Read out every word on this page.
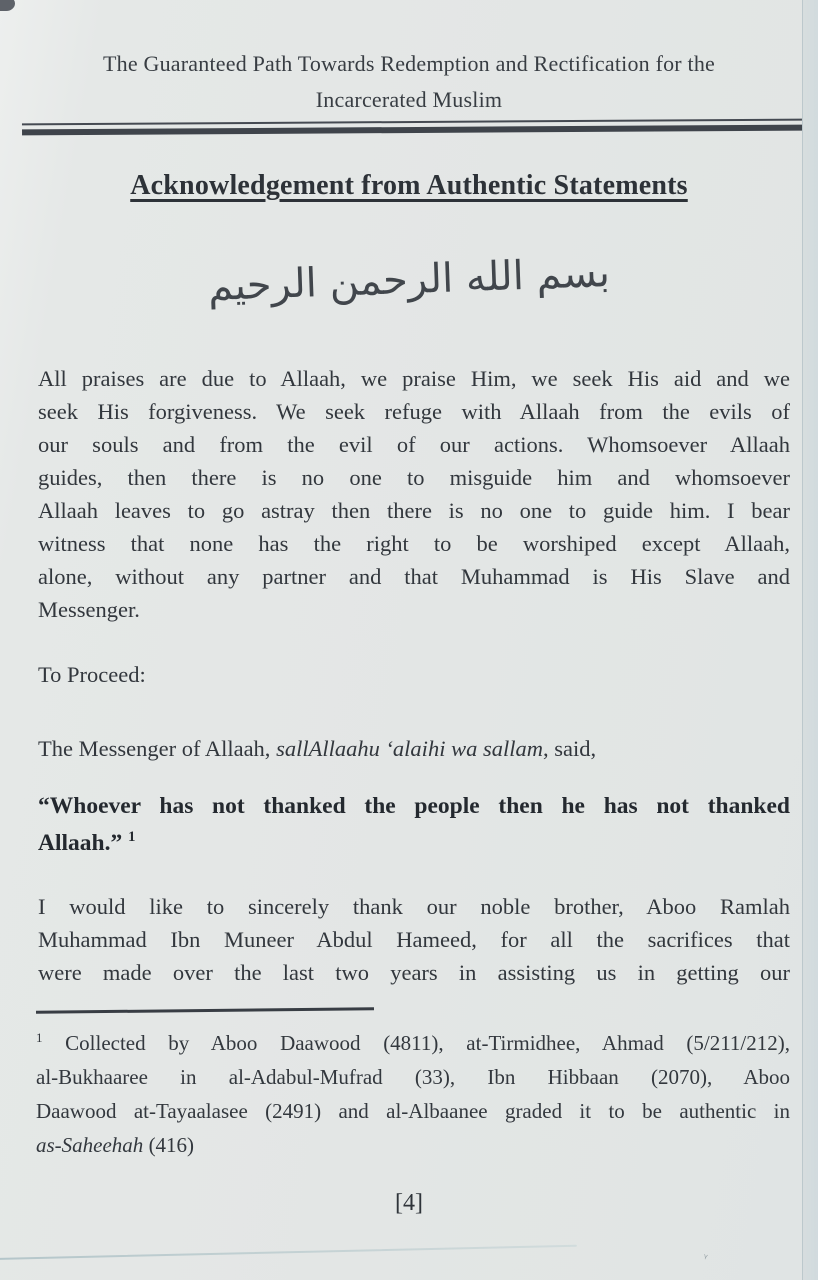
ᵧ
The Guaranteed Path Towards Redemption and Rectification for the
Incarcerated Muslim
Acknowledgement from Authentic Statements
بسم الله الرحمن الرحيم
All praises are due to Allaah, we praise Him, we seek His aid and we
seek His forgiveness. We seek refuge with Allaah from the evils of
our souls and from the evil of our actions. Whomsoever Allaah
guides, then there is no one to misguide him and whomsoever
Allaah leaves to go astray then there is no one to guide him. I bear
witness that none has the right to be worshiped except Allaah,
alone, without any partner and that Muhammad is His Slave and
Messenger.
To Proceed:
The Messenger of Allaah, sallAllaahu ‘alaihi wa sallam, said,
“Whoever has not thanked the people then he has not thanked
Allaah.” $^1$
I would like to sincerely thank our noble brother, Aboo Ramlah
Muhammad Ibn Muneer Abdul Hameed, for all the sacrifices that
were made over the last two years in assisting us in getting our
$^1$ Collected by Aboo Daawood (4811), at-Tirmidhee, Ahmad (5/211/212),
al-Bukhaaree in al-Adabul-Mufrad (33), Ibn Hibbaan (2070), Aboo
Daawood at-Tayaalasee (2491) and al-Albaanee graded it to be authentic in
as-Saheehah (416)
[4]
